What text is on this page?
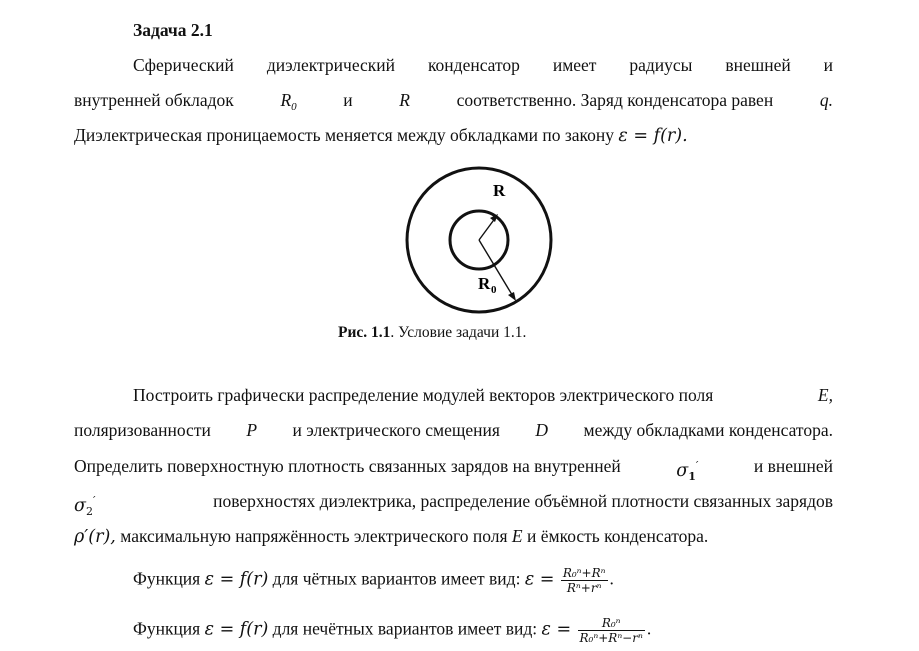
Задача 2.1
Сферический диэлектрический конденсатор имеет радиусы внешней и
внутренней обкладок	$R_0$	и	R	соответственно. Заряд конденсатора равен	q.
Диэлектрическая проницаемость меняется между обкладками по закону ε = f(r).
R
R 0
Рис. 1.1. Условие задачи 1.1.
Построить графически распределение модулей векторов электрического поля	E,
поляризованности P и электрического смещения D между обкладками конденсатора.
Определить поверхностную плотность связанных зарядов на внутренней	$\sigma_1'$	и внешней
$\sigma_2'$	поверхностях диэлектрика, распределение объёмной плотности связанных зарядов
ρ′(r), максимальную напряжённость электрического поля E и ёмкость конденсатора.
Функция ε = f(r) для чётных вариантов имеет вид: $\varepsilon = \frac{\text{R₀ⁿ+Rⁿ}}{\text{Rⁿ+rⁿ}}$ .
Функция ε = f(r) для нечётных вариантов имеет вид: $\varepsilon = \frac{\text{R₀ⁿ}}{\text{R₀ⁿ+Rⁿ−rⁿ}}$ .
